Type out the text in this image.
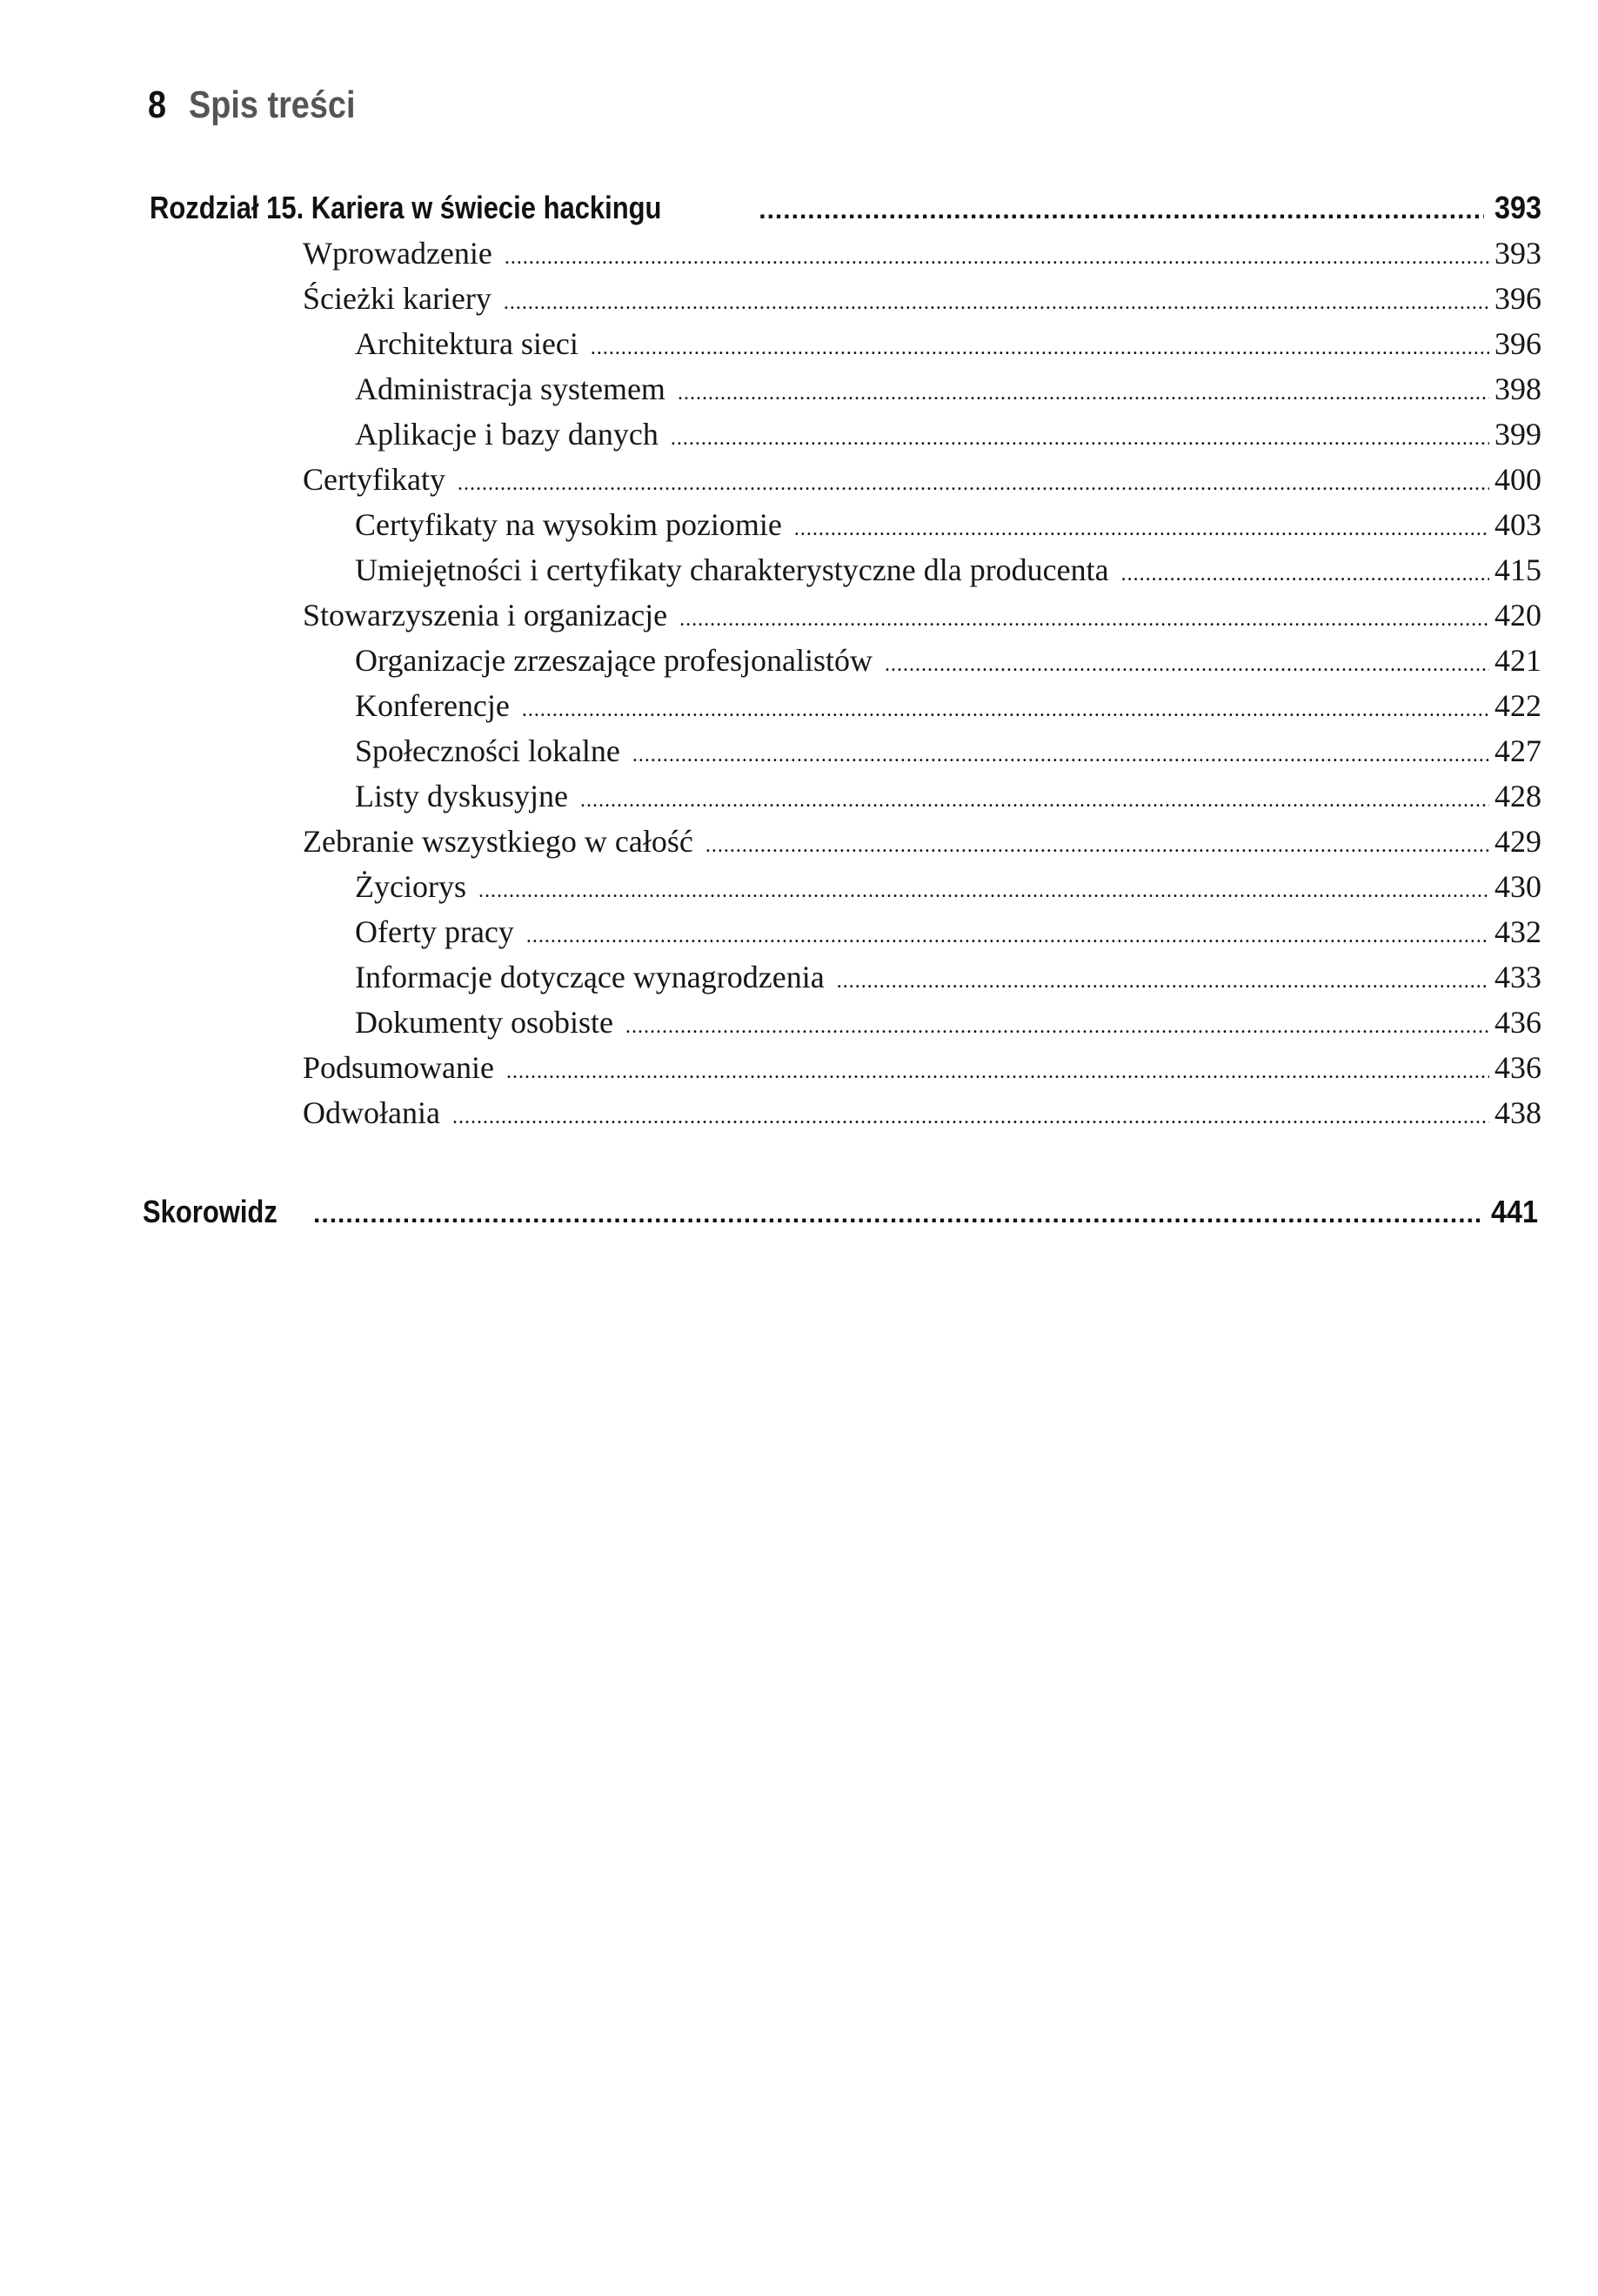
8 Spis treści
Rozdział 15. Kariera w świecie hackingu .....	393
Wprowadzenie .....	393
Ścieżki kariery .....	396
Architektura sieci .....	396
Administracja systemem .....	398
Aplikacje i bazy danych .....	399
Certyfikaty .....	400
Certyfikaty na wysokim poziomie .....	403
Umiejętności i certyfikaty charakterystyczne dla producenta .....	415
Stowarzyszenia i organizacje .....	420
Organizacje zrzeszające profesjonalistów .....	421
Konferencje .....	422
Społeczności lokalne .....	427
Listy dyskusyjne .....	428
Zebranie wszystkiego w całość .....	429
Życiorys .....	430
Oferty pracy .....	432
Informacje dotyczące wynagrodzenia .....	433
Dokumenty osobiste .....	436
Podsumowanie .....	436
Odwołania .....	438
Skorowidz .....	441
